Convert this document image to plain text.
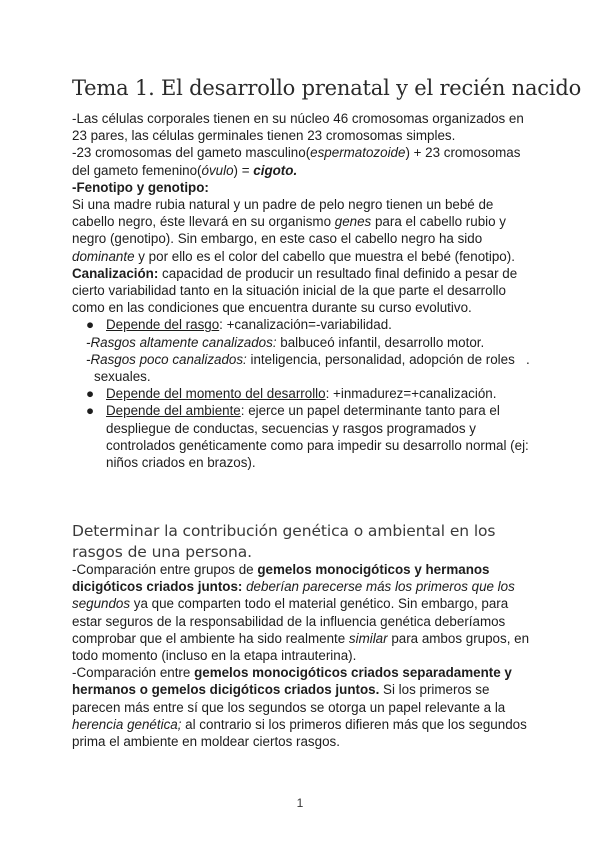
Tema 1. El desarrollo prenatal y el recién nacido

-Las células corporales tienen en su núcleo 46 cromosomas organizados en 23 pares, las células germinales tienen 23 cromosomas simples.

-23 cromosomas del gameto masculino(espermatozoide) + 23 cromosomas del gameto femenino(óvulo) = cigoto.

-Fenotipo y genotipo:

Si una madre rubia natural y un padre de pelo negro tienen un bebé de cabello negro, éste llevará en su organismo genes para el cabello rubio y negro (genotipo). Sin embargo, en este caso el cabello negro ha sido dominante y por ello es el color del cabello que muestra el bebé (fenotipo).

Canalización: capacidad de producir un resultado final definido a pesar de cierto variabilidad tanto en la situación inicial de la que parte el desarrollo como en las condiciones que encuentra durante su curso evolutivo.

● Depende del rasgo: +canalización=-variabilidad.

-Rasgos altamente canalizados: balbuceó infantil, desarrollo motor.

-Rasgos poco canalizados: inteligencia, personalidad, adopción de roles   .
sexuales.

● Depende del momento del desarrollo: +inmadurez=+canalización.

● Depende del ambiente: ejerce un papel determinante tanto para el despliegue de conductas, secuencias y rasgos programados y controlados genéticamente como para impedir su desarrollo normal (ej: niños criados en brazos).

Determinar la contribución genética o ambiental en los rasgos de una persona.

-Comparación entre grupos de gemelos monocigóticos y hermanos dicigóticos criados juntos: deberían parecerse más los primeros que los segundos ya que comparten todo el material genético. Sin embargo, para estar seguros de la responsabilidad de la influencia genética deberíamos comprobar que el ambiente ha sido realmente similar para ambos grupos, en todo momento (incluso en la etapa intrauterina).

-Comparación entre gemelos monocigóticos criados separadamente y hermanos o gemelos dicigóticos criados juntos. Si los primeros se parecen más entre sí que los segundos se otorga un papel relevante a la herencia genética; al contrario si los primeros difieren más que los segundos prima el ambiente en moldear ciertos rasgos.

1
